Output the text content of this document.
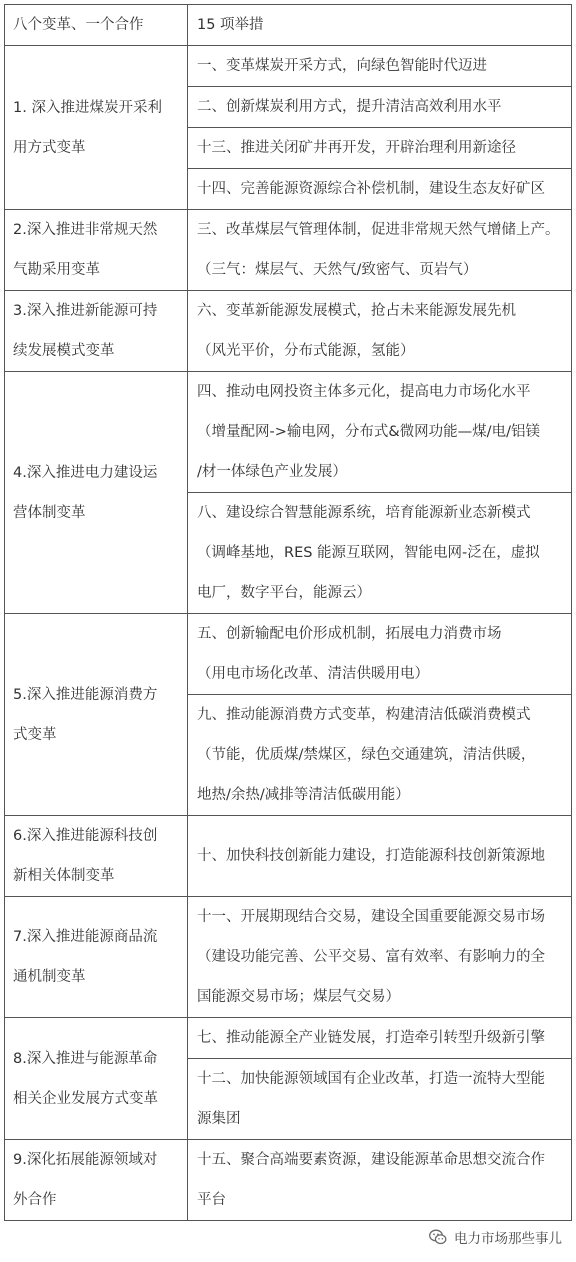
八个变革、一个合作	15 项举措

1. 深入推进煤炭开采利
用方式变革	一、变革煤炭开采方式，向绿色智能时代迈进

	二、创新煤炭利用方式，提升清洁高效利用水平

	十三、推进关闭矿井再开发，开辟治理利用新途径

	十四、完善能源资源综合补偿机制，建设生态友好矿区

2.深入推进非常规天然
气勘采用变革	三、改革煤层气管理体制，促进非常规天然气增储上产。
（三气：煤层气、天然气/致密气、页岩气）

3.深入推进新能源可持
续发展模式变革	六、变革新能源发展模式，抢占未来能源发展先机
（风光平价，分布式能源，氢能）

4.深入推进电力建设运
营体制变革	四、推动电网投资主体多元化，提高电力市场化水平
（增量配网->输电网，分布式&微网功能—煤/电/铝镁
/材一体绿色产业发展）

	八、建设综合智慧能源系统，培育能源新业态新模式
（调峰基地，RES 能源互联网，智能电网-泛在，虚拟
电厂，数字平台，能源云）

5.深入推进能源消费方
式变革	五、创新输配电价形成机制，拓展电力消费市场
（用电市场化改革、清洁供暖用电）

	九、推动能源消费方式变革，构建清洁低碳消费模式
（节能，优质煤/禁煤区，绿色交通建筑，清洁供暖，
地热/余热/减排等清洁低碳用能）

6.深入推进能源科技创
新相关体制变革	十、加快科技创新能力建设，打造能源科技创新策源地

7.深入推进能源商品流
通机制变革	十一、开展期现结合交易，建设全国重要能源交易市场
（建设功能完善、公平交易、富有效率、有影响力的全
国能源交易市场；煤层气交易）

8.深入推进与能源革命
相关企业发展方式变革	七、推动能源全产业链发展，打造牵引转型升级新引擎

	十二、加快能源领域国有企业改革，打造一流特大型能
源集团

9.深化拓展能源领域对
外合作	十五、聚合高端要素资源，建设能源革命思想交流合作
平台
电力市场那些事儿
